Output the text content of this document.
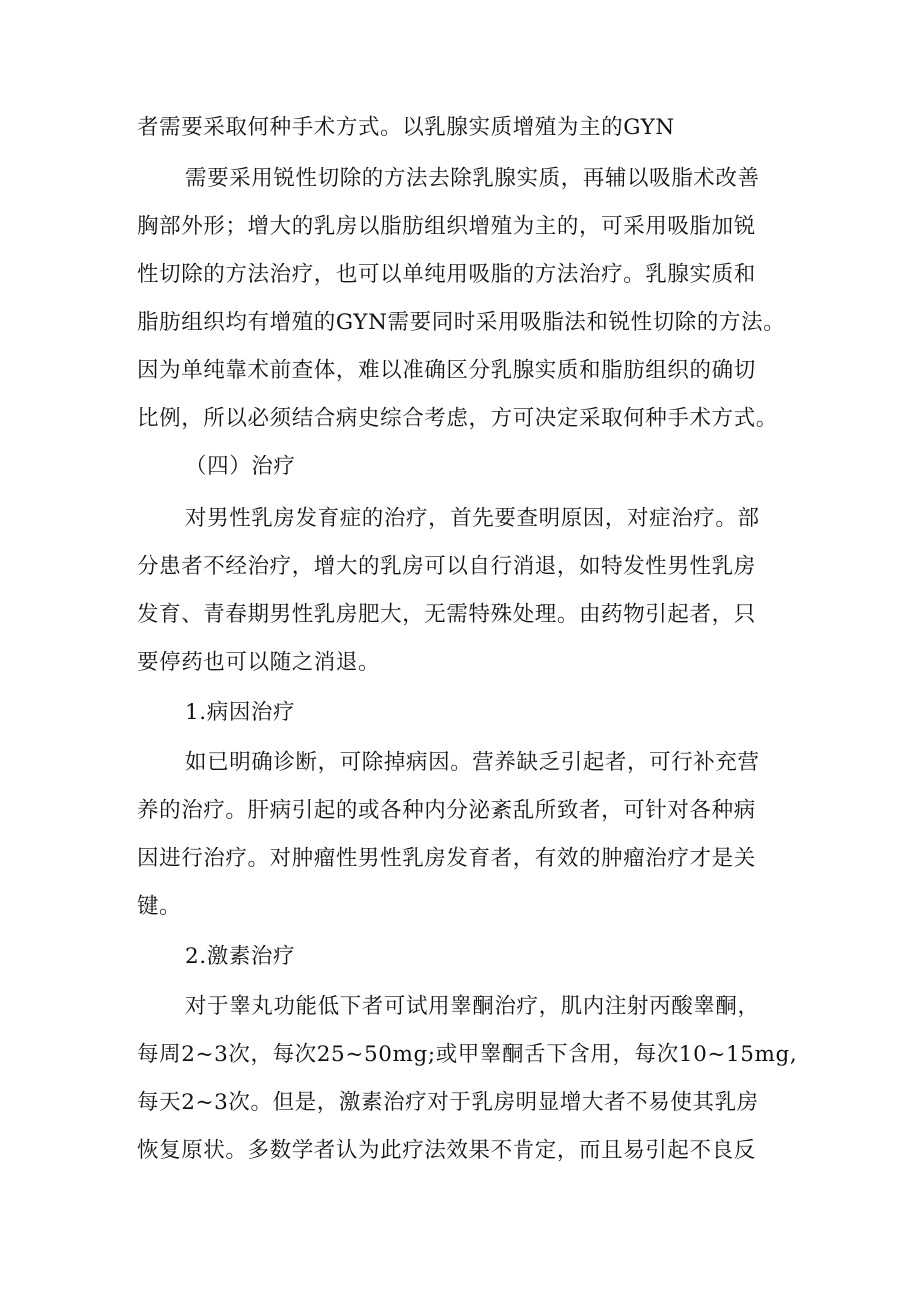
者需要采取何种手术方式。以乳腺实质增殖为主的GYN
需要采用锐性切除的方法去除乳腺实质，再辅以吸脂术改善
胸部外形；增大的乳房以脂肪组织增殖为主的，可采用吸脂加锐
性切除的方法治疗，也可以单纯用吸脂的方法治疗。乳腺实质和
脂肪组织均有增殖的GYN需要同时采用吸脂法和锐性切除的方法。
因为单纯靠术前查体，难以准确区分乳腺实质和脂肪组织的确切
比例，所以必须结合病史综合考虑，方可决定采取何种手术方式。
（四）治疗
对男性乳房发育症的治疗，首先要查明原因，对症治疗。部
分患者不经治疗，增大的乳房可以自行消退，如特发性男性乳房
发育、青春期男性乳房肥大，无需特殊处理。由药物引起者，只
要停药也可以随之消退。
1.病因治疗
如已明确诊断，可除掉病因。营养缺乏引起者，可行补充营
养的治疗。肝病引起的或各种内分泌紊乱所致者，可针对各种病
因进行治疗。对肿瘤性男性乳房发育者，有效的肿瘤治疗才是关
键。
2.激素治疗
对于睾丸功能低下者可试用睾酮治疗，肌内注射丙酸睾酮，
每周2~3次，每次25~50mg;或甲睾酮舌下含用，每次10~15mg,
每天2~3次。但是，激素治疗对于乳房明显增大者不易使其乳房
恢复原状。多数学者认为此疗法效果不肯定，而且易引起不良反
